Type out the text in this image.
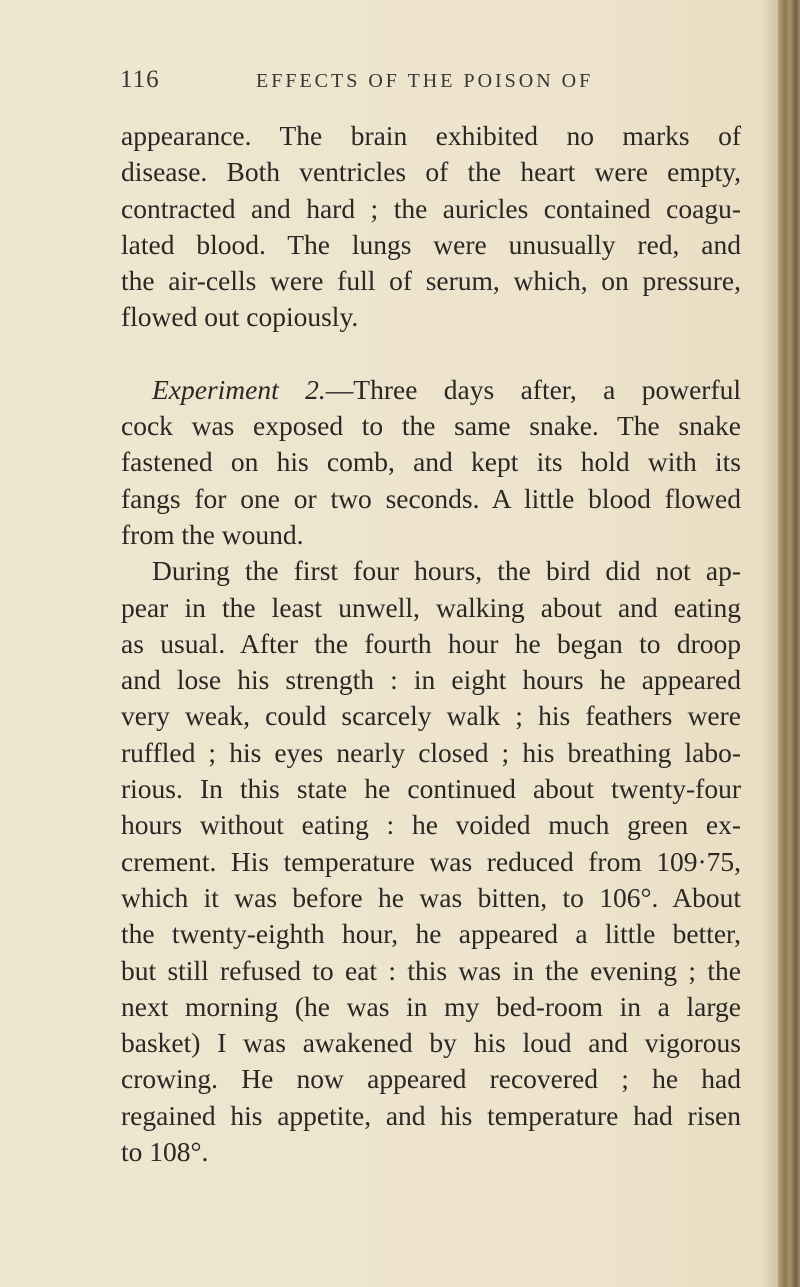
116	EFFECTS OF THE POISON OF
appearance. The brain exhibited no marks of
disease. Both ventricles of the heart were empty,
contracted and hard ; the auricles contained coagu-
lated blood. The lungs were unusually red, and
the air-cells were full of serum, which, on pressure,
flowed out copiously.
Experiment 2.—Three days after, a powerful
cock was exposed to the same snake. The snake
fastened on his comb, and kept its hold with its
fangs for one or two seconds. A little blood flowed
from the wound.
During the first four hours, the bird did not ap-
pear in the least unwell, walking about and eating
as usual. After the fourth hour he began to droop
and lose his strength : in eight hours he appeared
very weak, could scarcely walk ; his feathers were
ruffled ; his eyes nearly closed ; his breathing labo-
rious. In this state he continued about twenty-four
hours without eating : he voided much green ex-
crement. His temperature was reduced from 109·75,
which it was before he was bitten, to 106°. About
the twenty-eighth hour, he appeared a little better,
but still refused to eat : this was in the evening ; the
next morning (he was in my bed-room in a large
basket) I was awakened by his loud and vigorous
crowing. He now appeared recovered ; he had
regained his appetite, and his temperature had risen
to 108°.
